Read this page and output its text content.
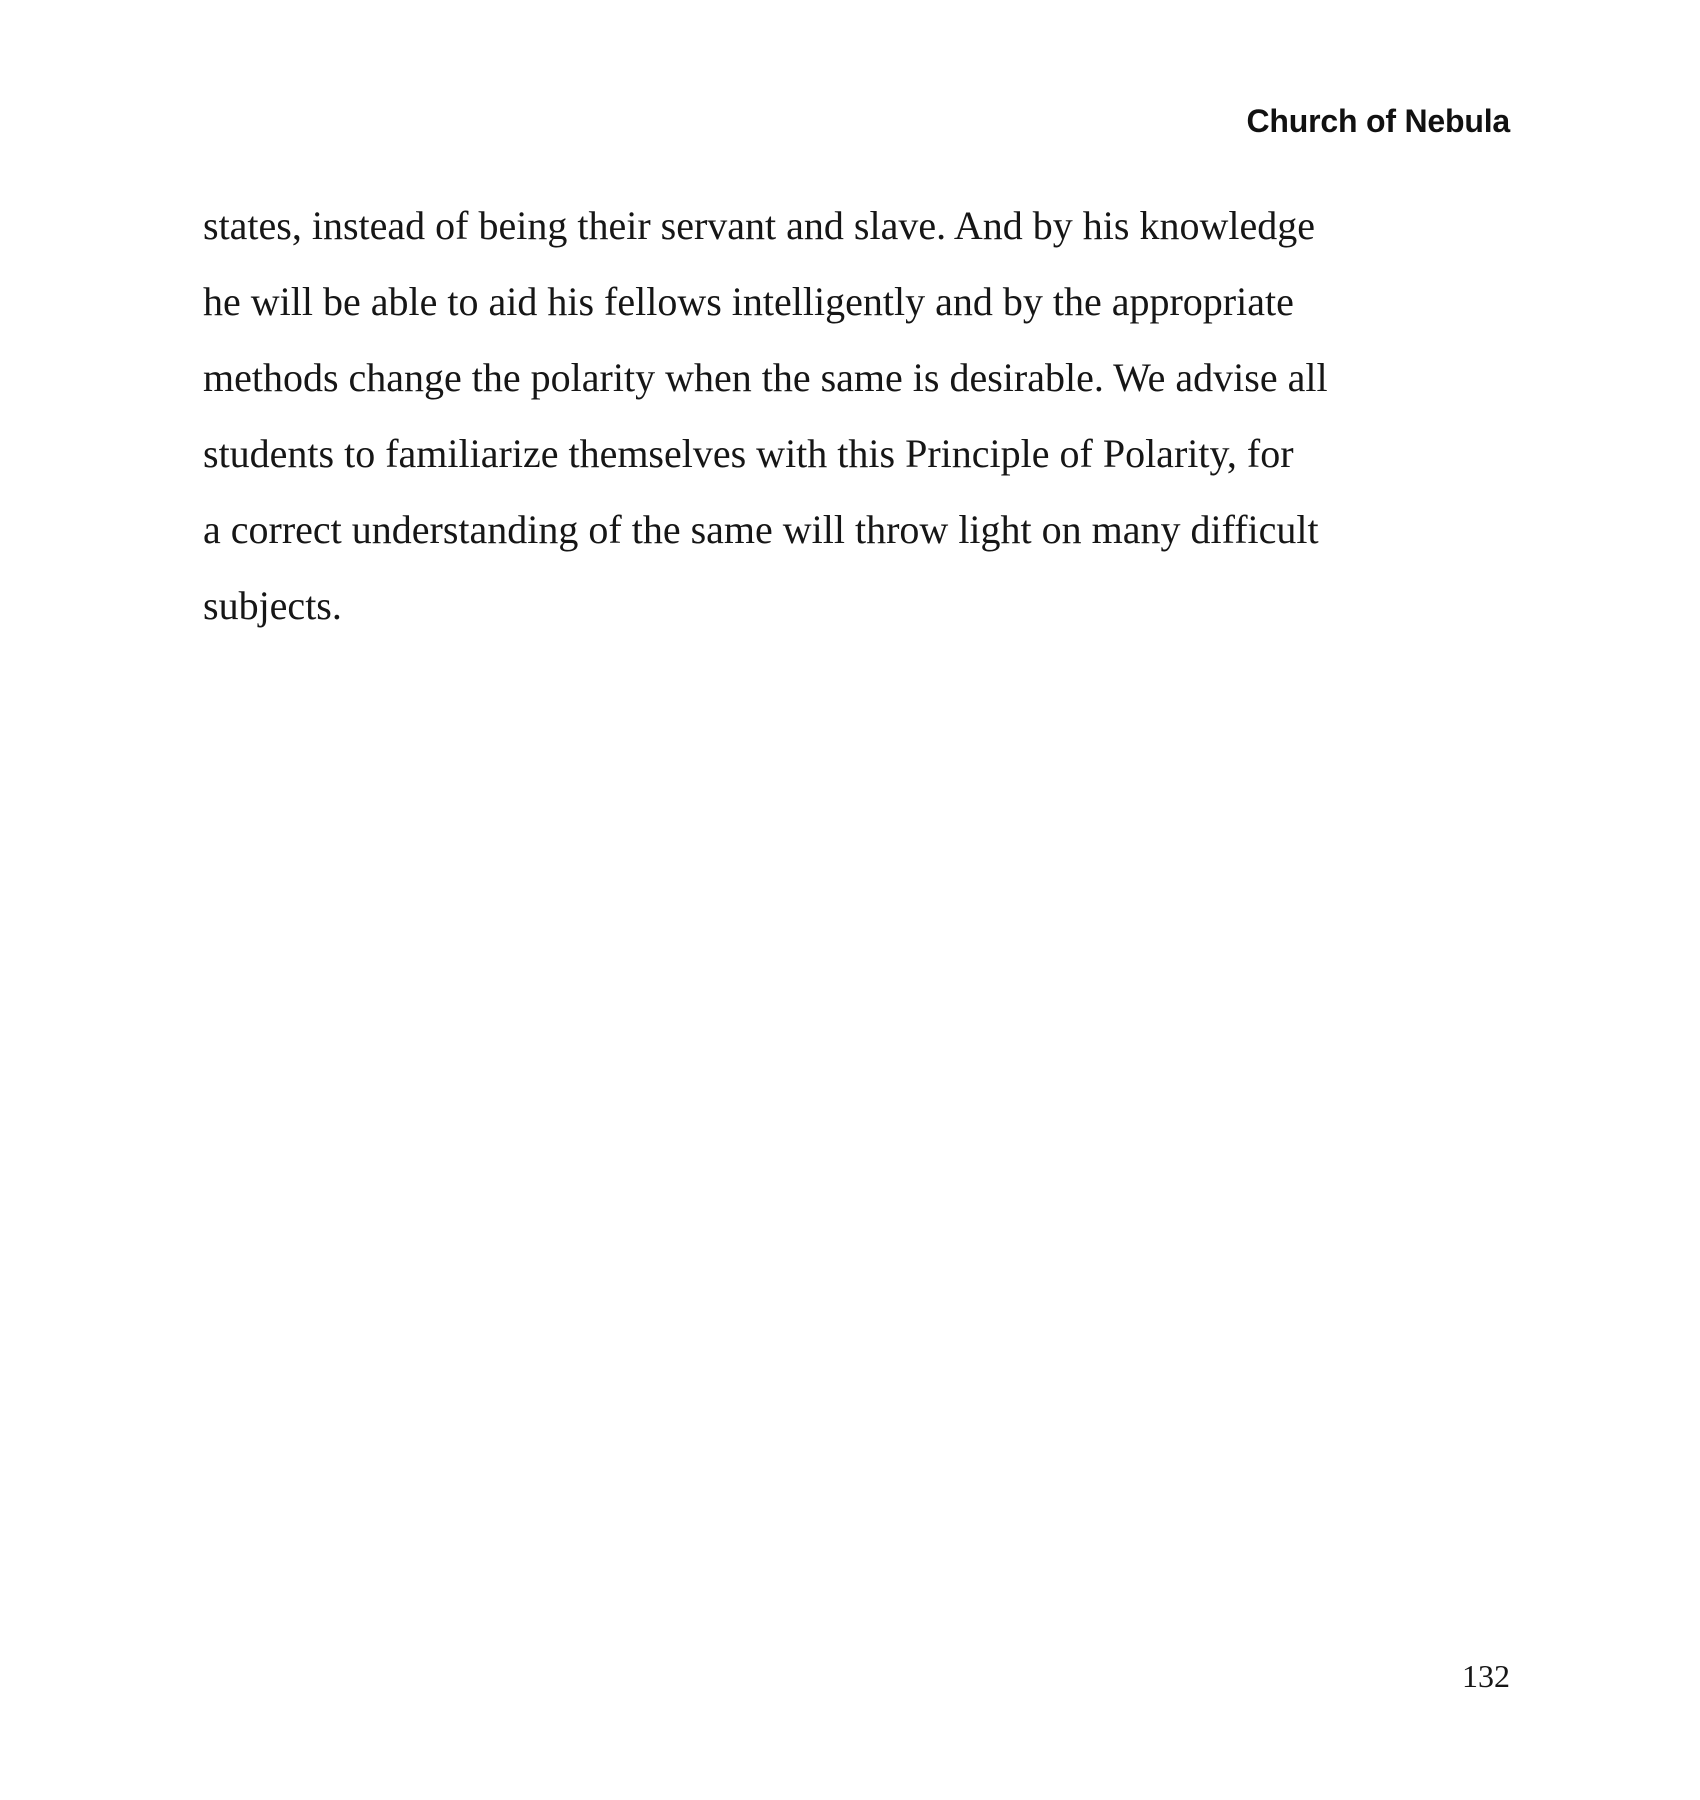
Church of Nebula
states, instead of being their servant and slave. And by his knowledge
he will be able to aid his fellows intelligently and by the appropriate
methods change the polarity when the same is desirable. We advise all
students to familiarize themselves with this Principle of Polarity, for
a correct understanding of the same will throw light on many difficult
subjects.
132
